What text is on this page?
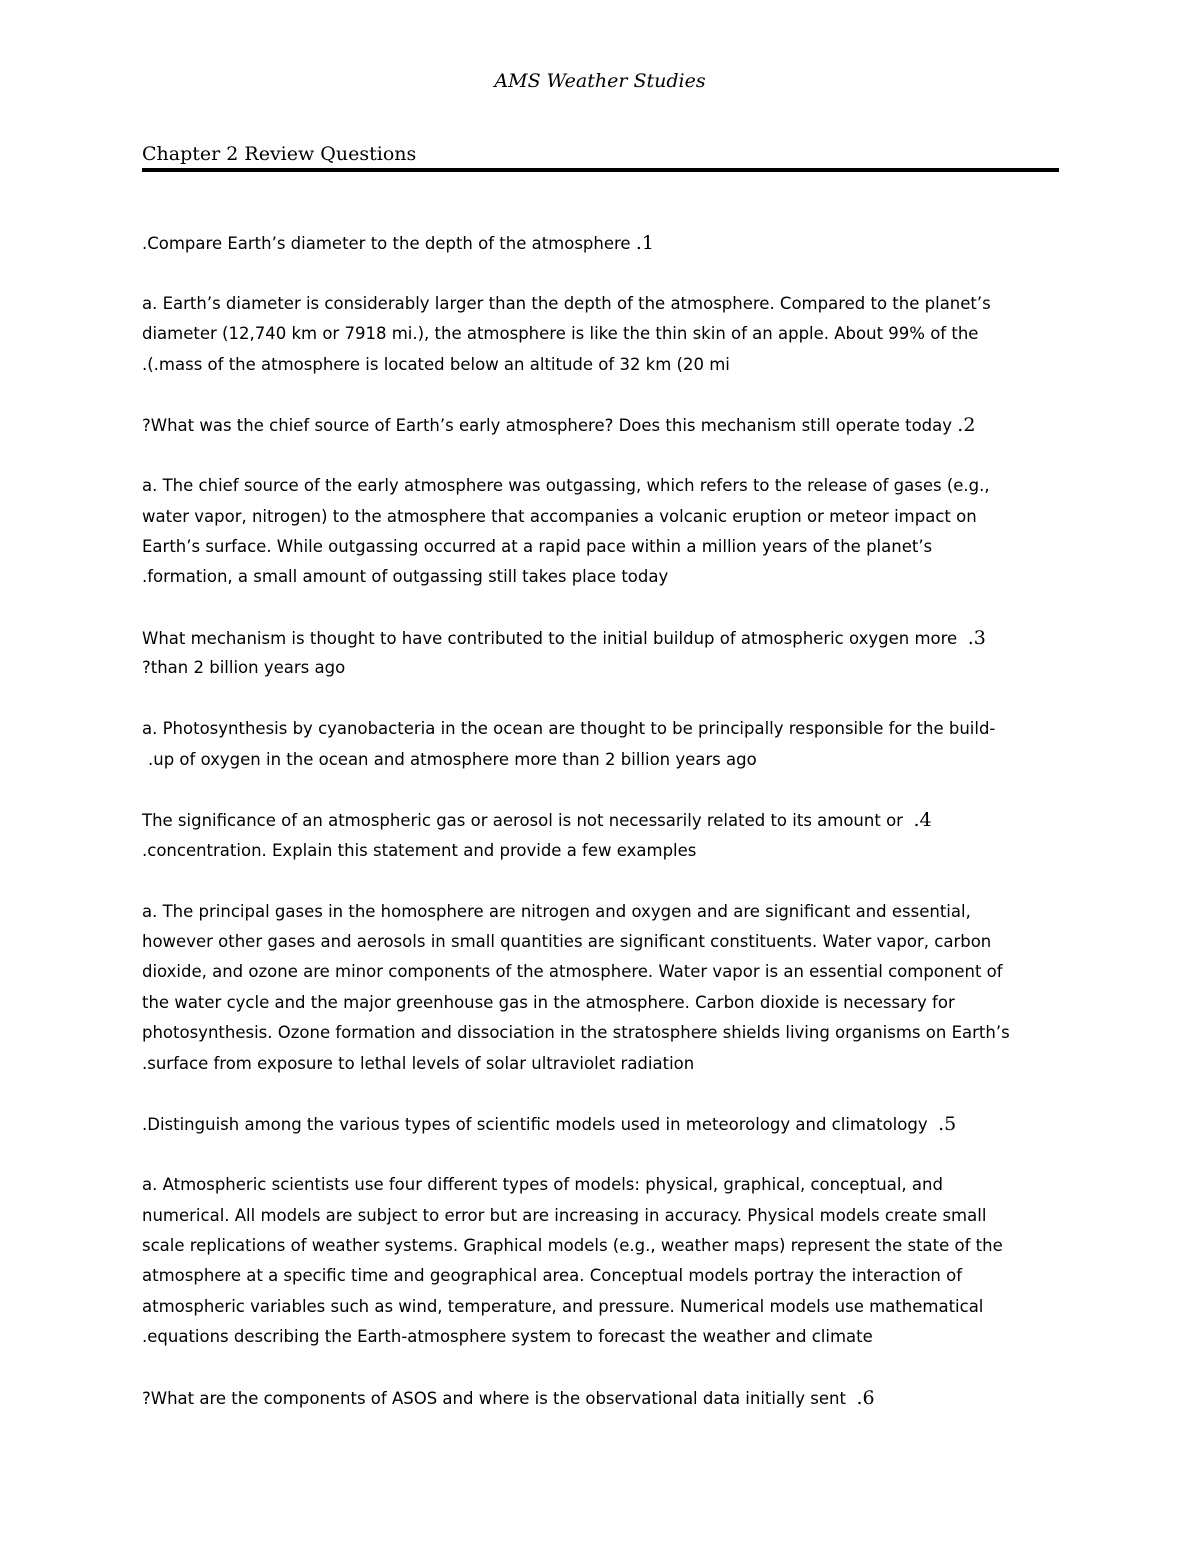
AMS Weather Studies
Chapter 2 Review Questions
.Compare Earth’s diameter to the depth of the atmosphere .1
a. Earth’s diameter is considerably larger than the depth of the atmosphere. Compared to the planet’s
diameter (12,740 km or 7918 mi.), the atmosphere is like the thin skin of an apple. About 99% of the
.(.mass of the atmosphere is located below an altitude of 32 km (20 mi
?What was the chief source of Earth’s early atmosphere? Does this mechanism still operate today .2
a. The chief source of the early atmosphere was outgassing, which refers to the release of gases (e.g.,
water vapor, nitrogen) to the atmosphere that accompanies a volcanic eruption or meteor impact on
Earth’s surface. While outgassing occurred at a rapid pace within a million years of the planet’s
.formation, a small amount of outgassing still takes place today
What mechanism is thought to have contributed to the initial buildup of atmospheric oxygen more .3
?than 2 billion years ago
a. Photosynthesis by cyanobacteria in the ocean are thought to be principally responsible for the build-
.up of oxygen in the ocean and atmosphere more than 2 billion years ago
The significance of an atmospheric gas or aerosol is not necessarily related to its amount or .4
.concentration. Explain this statement and provide a few examples
a. The principal gases in the homosphere are nitrogen and oxygen and are significant and essential,
however other gases and aerosols in small quantities are significant constituents. Water vapor, carbon
dioxide, and ozone are minor components of the atmosphere. Water vapor is an essential component of
the water cycle and the major greenhouse gas in the atmosphere. Carbon dioxide is necessary for
photosynthesis. Ozone formation and dissociation in the stratosphere shields living organisms on Earth’s
.surface from exposure to lethal levels of solar ultraviolet radiation
.Distinguish among the various types of scientific models used in meteorology and climatology .5
a. Atmospheric scientists use four different types of models: physical, graphical, conceptual, and
numerical. All models are subject to error but are increasing in accuracy. Physical models create small
scale replications of weather systems. Graphical models (e.g., weather maps) represent the state of the
atmosphere at a specific time and geographical area. Conceptual models portray the interaction of
atmospheric variables such as wind, temperature, and pressure. Numerical models use mathematical
.equations describing the Earth-atmosphere system to forecast the weather and climate
?What are the components of ASOS and where is the observational data initially sent .6
